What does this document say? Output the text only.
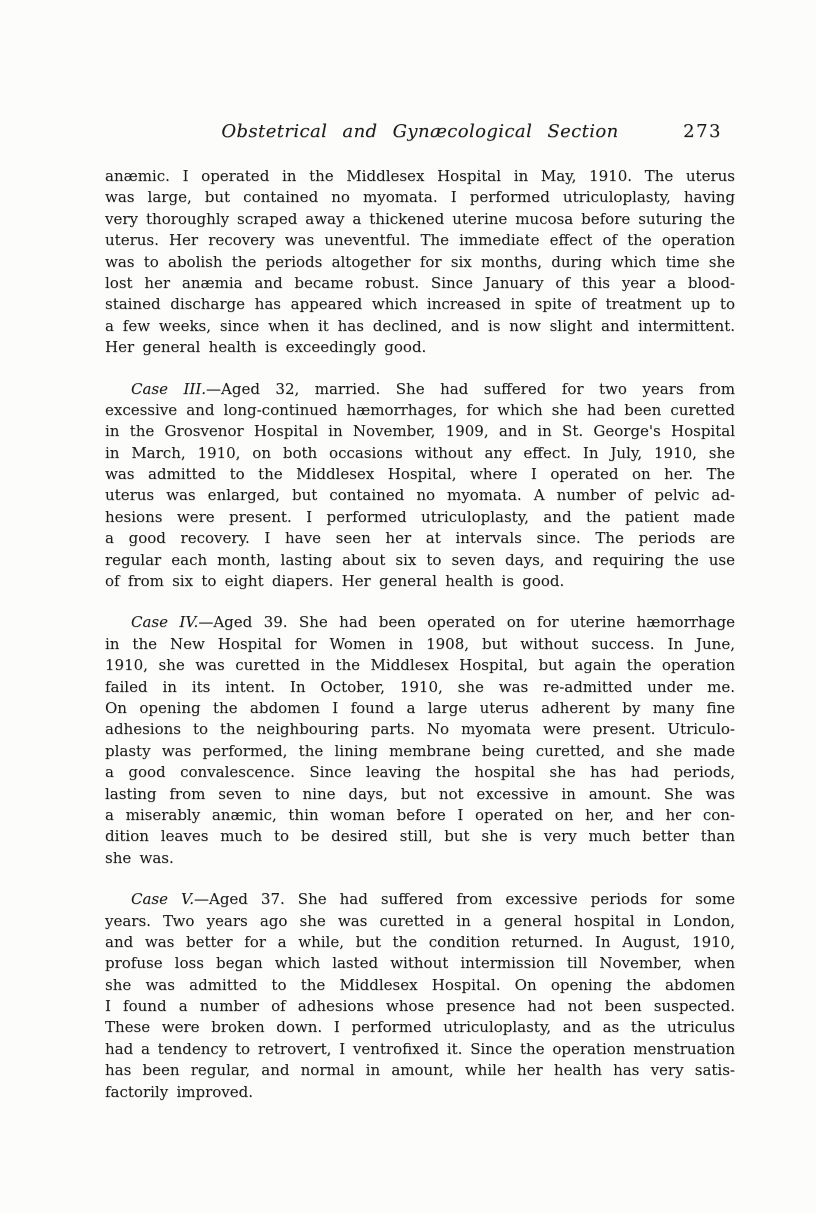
Obstetrical and Gynæcological Section	273
anæmic. I operated in the Middlesex Hospital in May, 1910. The uterus
was large, but contained no myomata. I performed utriculoplasty, having
very thoroughly scraped away a thickened uterine mucosa before suturing the
uterus. Her recovery was uneventful. The immediate effect of the operation
was to abolish the periods altogether for six months, during which time she
lost her anæmia and became robust. Since January of this year a blood-
stained discharge has appeared which increased in spite of treatment up to
a few weeks, since when it has declined, and is now slight and intermittent.
Her general health is exceedingly good.
Case III.—Aged 32, married. She had suffered for two years from
excessive and long-continued hæmorrhages, for which she had been curetted
in the Grosvenor Hospital in November, 1909, and in St. George's Hospital
in March, 1910, on both occasions without any effect. In July, 1910, she
was admitted to the Middlesex Hospital, where I operated on her. The
uterus was enlarged, but contained no myomata. A number of pelvic ad-
hesions were present. I performed utriculoplasty, and the patient made
a good recovery. I have seen her at intervals since. The periods are
regular each month, lasting about six to seven days, and requiring the use
of from six to eight diapers. Her general health is good.
Case IV.—Aged 39. She had been operated on for uterine hæmorrhage
in the New Hospital for Women in 1908, but without success. In June,
1910, she was curetted in the Middlesex Hospital, but again the operation
failed in its intent. In October, 1910, she was re-admitted under me.
On opening the abdomen I found a large uterus adherent by many fine
adhesions to the neighbouring parts. No myomata were present. Utriculo-
plasty was performed, the lining membrane being curetted, and she made
a good convalescence. Since leaving the hospital she has had periods,
lasting from seven to nine days, but not excessive in amount. She was
a miserably anæmic, thin woman before I operated on her, and her con-
dition leaves much to be desired still, but she is very much better than
she was.
Case V.—Aged 37. She had suffered from excessive periods for some
years. Two years ago she was curetted in a general hospital in London,
and was better for a while, but the condition returned. In August, 1910,
profuse loss began which lasted without intermission till November, when
she was admitted to the Middlesex Hospital. On opening the abdomen
I found a number of adhesions whose presence had not been suspected.
These were broken down. I performed utriculoplasty, and as the utriculus
had a tendency to retrovert, I ventrofixed it. Since the operation menstruation
has been regular, and normal in amount, while her health has very satis-
factorily improved.
